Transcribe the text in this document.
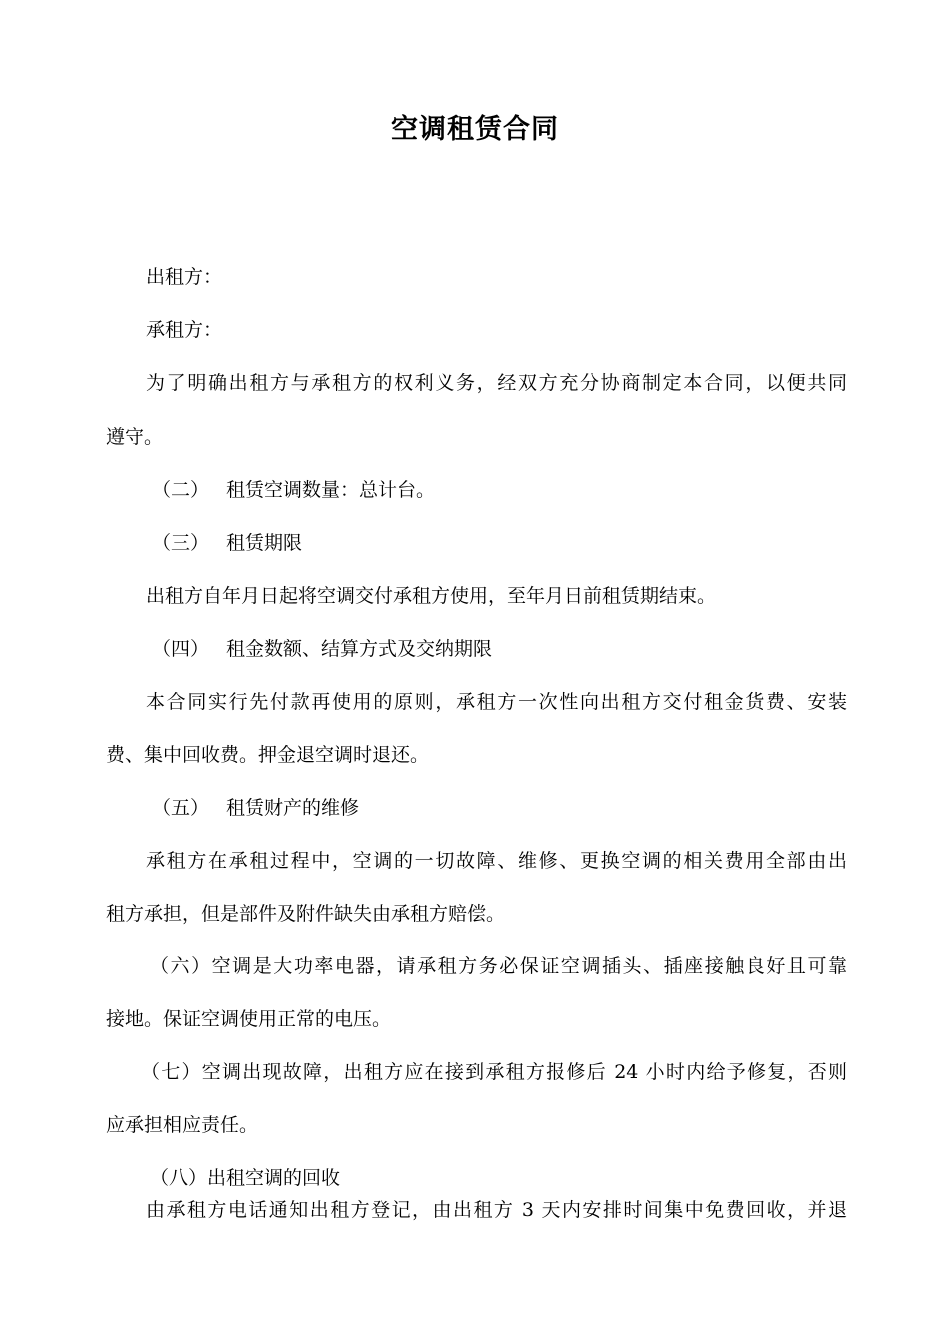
空调租赁合同
出租方：
承租方：
为了明确出租方与承租方的权利义务，经双方充分协商制定本合同，以便共同
遵守。
（二） 租赁空调数量：总计台。
（三） 租赁期限
出租方自年月日起将空调交付承租方使用，至年月日前租赁期结束。
（四） 租金数额、结算方式及交纳期限
本合同实行先付款再使用的原则，承租方一次性向出租方交付租金货费、安装
费、集中回收费。押金退空调时退还。
（五） 租赁财产的维修
承租方在承租过程中，空调的一切故障、维修、更换空调的相关费用全部由出
租方承担，但是部件及附件缺失由承租方赔偿。
（六）空调是大功率电器，请承租方务必保证空调插头、插座接触良好且可靠
接地。保证空调使用正常的电压。
（七）空调出现故障，出租方应在接到承租方报修后 24 小时内给予修复，否则
应承担相应责任。
（八）出租空调的回收
由承租方电话通知出租方登记，由出租方 3 天内安排时间集中免费回收，并退
